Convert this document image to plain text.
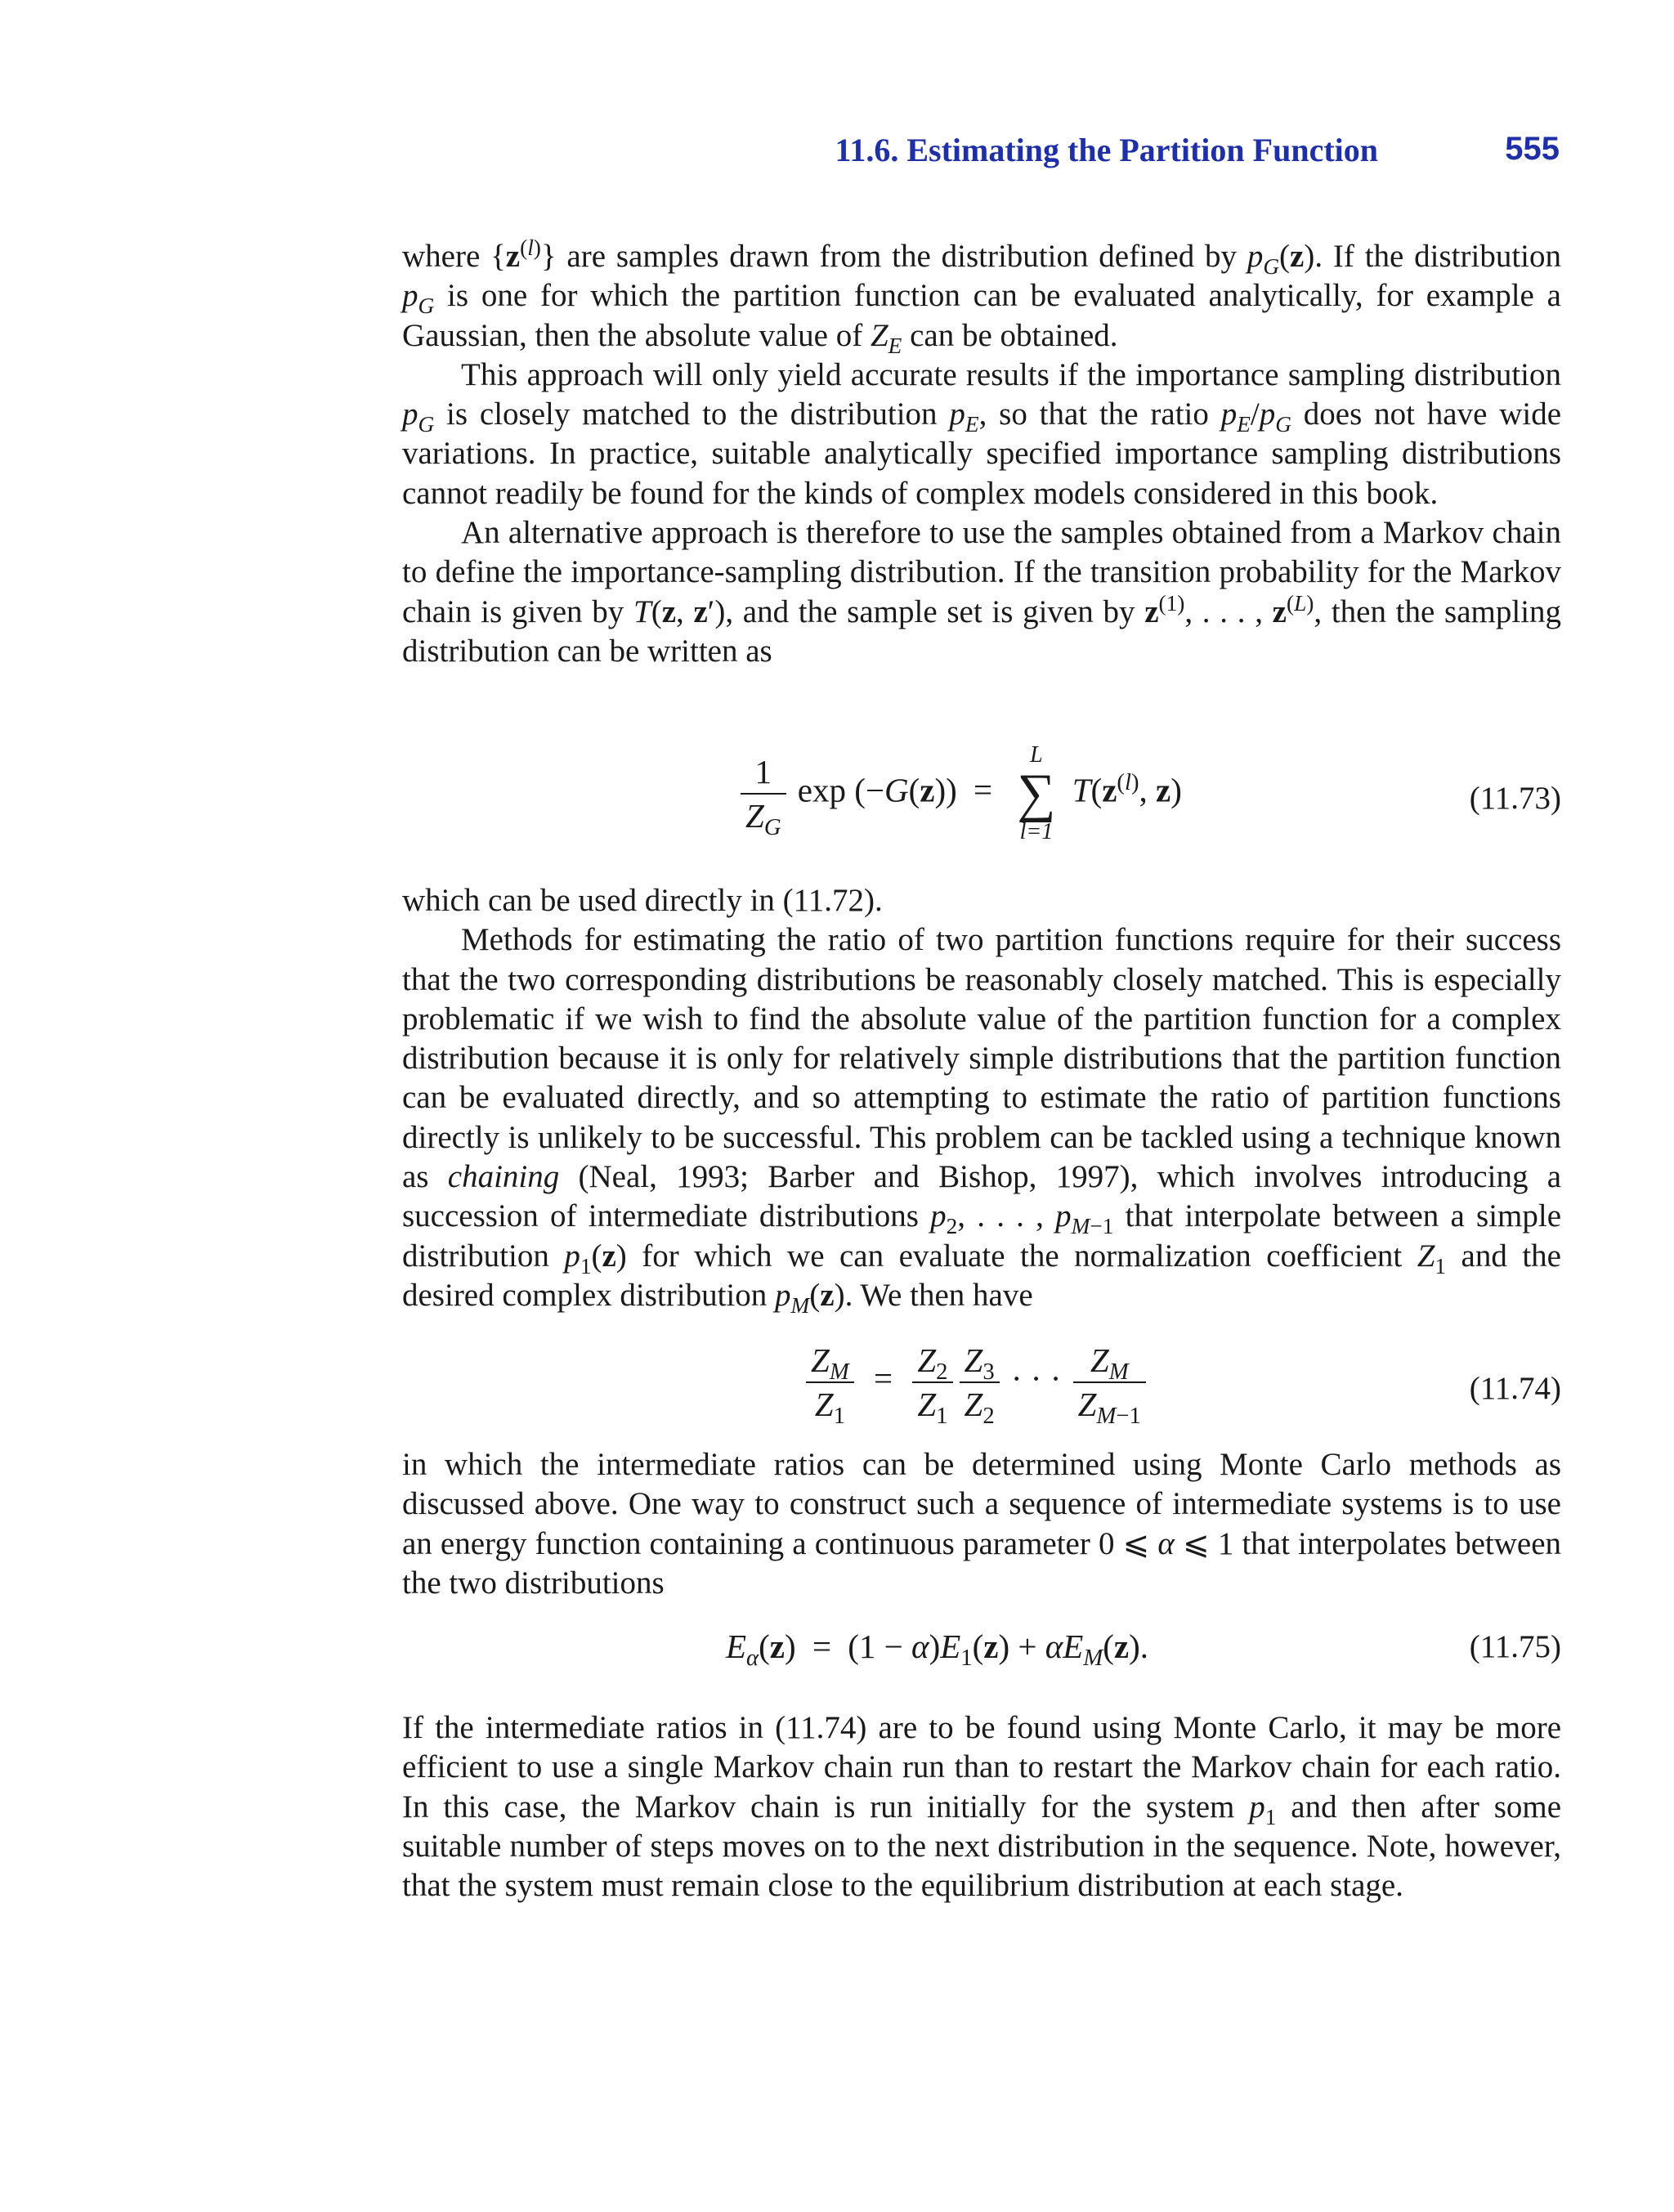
11.6. Estimating the Partition Function	555

where $\{z^{(l)}\}$ are samples drawn from the distribution defined by $p_G(z)$. If the distribution $p_G$ is one for which the partition function can be evaluated analytically, for example a Gaussian, then the absolute value of $Z_E$ can be obtained.

This approach will only yield accurate results if the importance sampling distribution $p_G$ is closely matched to the distribution $p_E$, so that the ratio $p_E/p_G$ does not have wide variations. In practice, suitable analytically specified importance sampling distributions cannot readily be found for the kinds of complex models considered in this book.

An alternative approach is therefore to use the samples obtained from a Markov chain to define the importance-sampling distribution. If the transition probability for the Markov chain is given by T(z, z′), and the sample set is given by $z^{(1)}$, . . . , $z^{(L)}$, then the sampling distribution can be written as

$\frac{1}{Z_G}$ exp (−G(z)) =
L
∑
l=1
$T(z^{(l)}$, z)	(11.73)

which can be used directly in (11.72).

Methods for estimating the ratio of two partition functions require for their success that the two corresponding distributions be reasonably closely matched. This is especially problematic if we wish to find the absolute value of the partition function for a complex distribution because it is only for relatively simple distributions that the partition function can be evaluated directly, and so attempting to estimate the ratio of partition functions directly is unlikely to be successful. This problem can be tackled using a technique known as chaining (Neal, 1993; Barber and Bishop, 1997), which involves introducing a succession of intermediate distributions $p_2$, . . . , $p_{M-1}$ that interpolate between a simple distribution $p_1(z)$ for which we can evaluate the normalization coefficient $Z_1$ and the desired complex distribution $p_M(z)$. We then have

$\frac{Z_M}{Z_1} = \frac{Z_2}{Z_1} \frac{Z_3}{Z_2}$ · · · $\frac{Z_M}{Z_{M-1}}$	(11.74)

in which the intermediate ratios can be determined using Monte Carlo methods as discussed above. One way to construct such a sequence of intermediate systems is to use an energy function containing a continuous parameter 0 ⩽ α ⩽ 1 that interpolates between the two distributions

$E_\alpha(z) = (1 - \alpha)E_1(z) + \alpha E_M(z)$.	(11.75)

If the intermediate ratios in (11.74) are to be found using Monte Carlo, it may be more efficient to use a single Markov chain run than to restart the Markov chain for each ratio. In this case, the Markov chain is run initially for the system $p_1$ and then after some suitable number of steps moves on to the next distribution in the sequence. Note, however, that the system must remain close to the equilibrium distribution at each stage.
